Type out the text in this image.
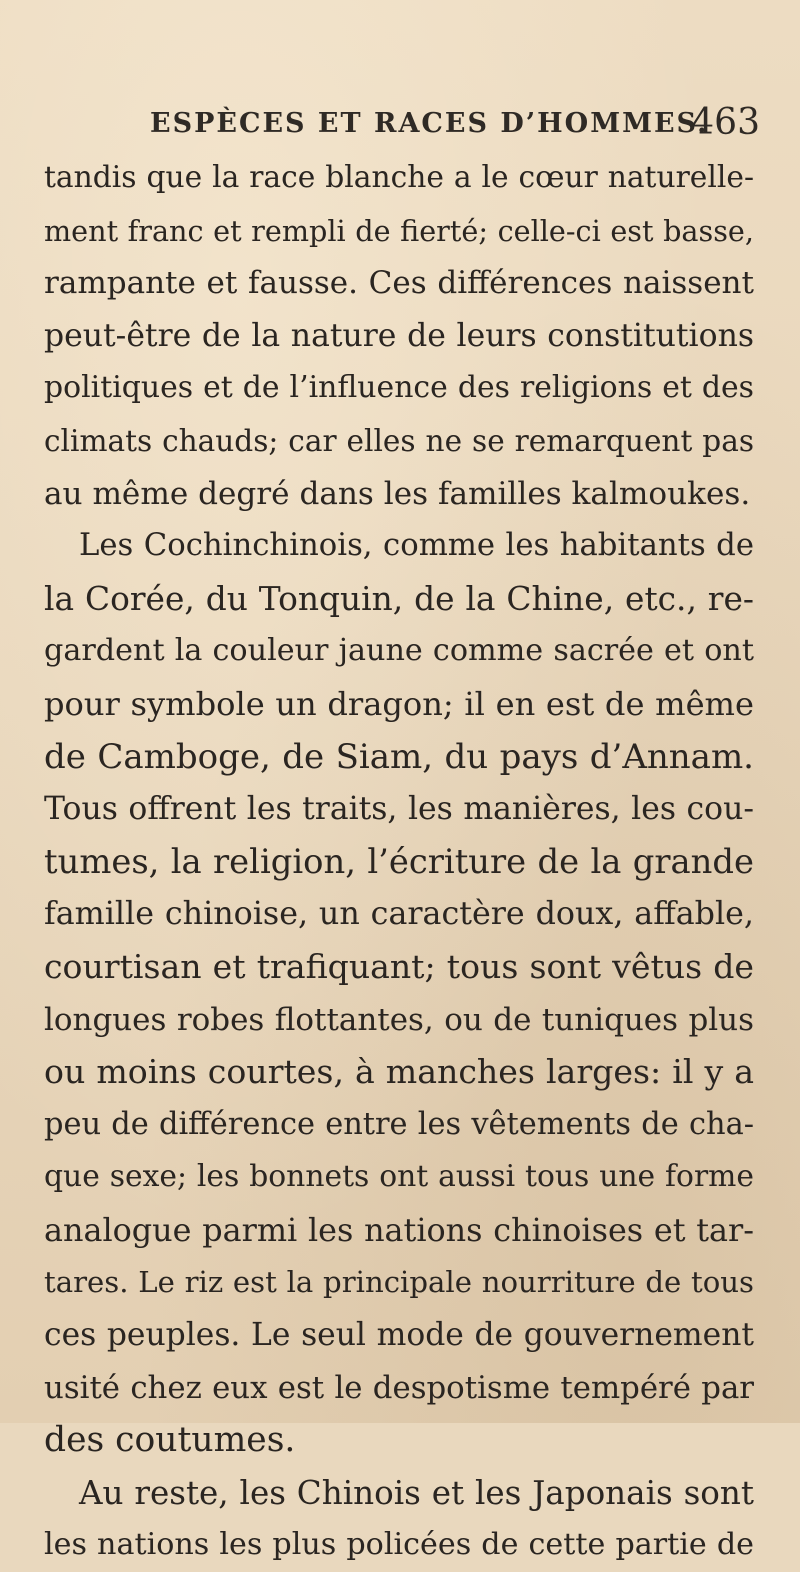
ESPÈCES ET RACES D’HOMMES.
463
tandis que la race blanche a le cœur naturelle-
ment franc et rempli de fierté; celle-ci est basse,
rampante et fausse. Ces différences naissent
peut-être de la nature de leurs constitutions
politiques et de l’influence des religions et des
climats chauds; car elles ne se remarquent pas
au même degré dans les familles kalmoukes.
Les Cochinchinois, comme les habitants de
la Corée, du Tonquin, de la Chine, etc., re-
gardent la couleur jaune comme sacrée et ont
pour symbole un dragon; il en est de même
de Camboge, de Siam, du pays d’Annam.
Tous offrent les traits, les manières, les cou-
tumes, la religion, l’écriture de la grande
famille chinoise, un caractère doux, affable,
courtisan et trafiquant; tous sont vêtus de
longues robes flottantes, ou de tuniques plus
ou moins courtes, à manches larges: il y a
peu de différence entre les vêtements de cha-
que sexe; les bonnets ont aussi tous une forme
analogue parmi les nations chinoises et tar-
tares. Le riz est la principale nourriture de tous
ces peuples. Le seul mode de gouvernement
usité chez eux est le despotisme tempéré par
des coutumes.
Au reste, les Chinois et les Japonais sont
les nations les plus policées de cette partie de
